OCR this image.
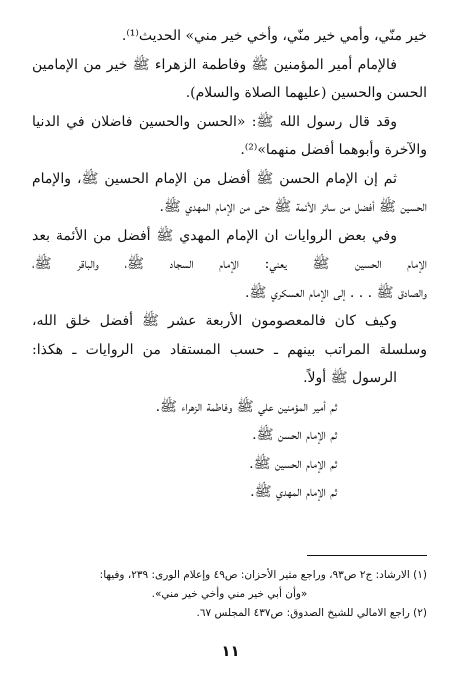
خير منّي، وأمي خير منّي، وأخي خير مني» الحديث⁽¹⁾.
فالإمام أمير المؤمنين ﷺ وفاطمة الزهراء ﷺ خير من الإمامين
الحسن والحسين (عليهما الصلاة والسلام).
وقد قال رسول الله ﷺ: «الحسن والحسين فاضلان في الدنيا
والآخرة وأبوهما أفضل منهما»⁽²⁾.
ثم إن الإمام الحسن ﷺ أفضل من الإمام الحسين ﷺ، والإمام
الحسين ﷺ أفضل من سائر الأئمة ﷺ حتى من الإمام المهدي ﷺ.
وفي بعض الروايات ان الإمام المهدي ﷺ أفضل من الأئمة بعد
الإمام الحسين ﷺ يعني: الإمام السجاد ﷺ، والباقر ﷺ،
والصادق ﷺ . . . إلى الإمام العسكري ﷺ.
وكيف كان فالمعصومون الأربعة عشر ﷺ أفضل خلق الله،
وسلسلة المراتب بينهم ـ حسب المستفاد من الروايات ـ هكذا:
الرسول ﷺ أولاً.
ثم أمير المؤمنين علي ﷺ وفاطمة الزهراء ﷺ.
ثم الإمام الحسن ﷺ.
ثم الإمام الحسين ﷺ.
ثم الإمام المهدي ﷺ.
(١) الارشاد: ج٢ ص٩٣، وراجع مثير الأحزان: ص٤٩ وإعلام الورى: ٢٣٩، وفيها:
«وأن أبي خير مني وأخي خير مني».
(٢) راجع الامالي للشيخ الصدوق: ص٤٣٧ المجلس ٦٧.
١١
